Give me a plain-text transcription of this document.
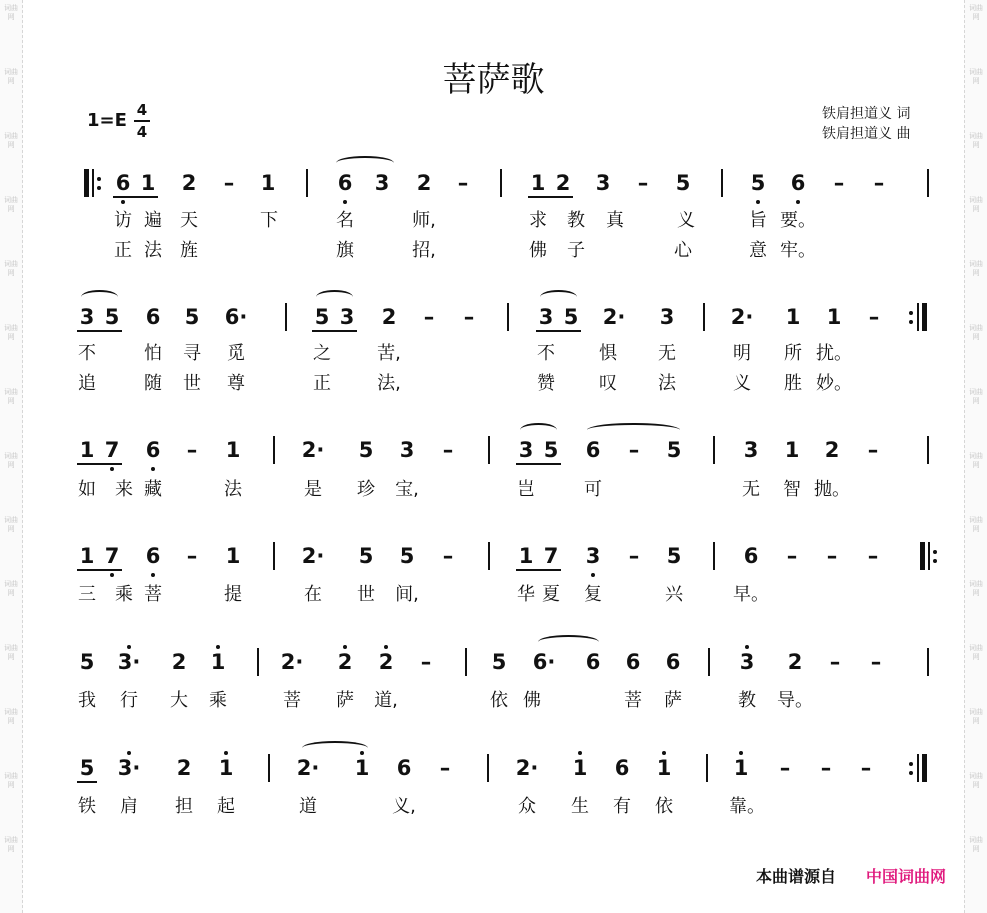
词曲网
词曲网
词曲网
词曲网
词曲网
词曲网
词曲网
词曲网
词曲网
词曲网
词曲网
词曲网
词曲网
词曲网
词曲网
词曲网
词曲网
词曲网
词曲网
词曲网
词曲网
词曲网
词曲网
词曲网
词曲网
词曲网
词曲网
词曲网
菩萨歌
1=E 4
4
铁肩担道义 词
铁肩担道义 曲
6 1 2 – 1	6 3 2 –	1 2 3 – 5	5 6 – –
访 遍 天	下	名	师,	求 教 真	义	旨 要。
正 法 旌	旗	招,	佛 子	心	意 牢。
3 5 6 5 6·	5 3 2 – –	3 5 2· 3	2· 1 1 –
不	怕 寻 觅	之	苦,	不 惧 无	明 所 扰。
追	随 世 尊	正	法,	赞 叹 法	义 胜 妙。
1 7 6 – 1	2· 5 3 –	3 5 6 – 5	3 1 2 –
如 来 藏	法	是 珍 宝,	岂	可	无 智 抛。
1 7 6 – 1	2· 5 5 –	1 7 3 – 5	6 – – –
三 乘 菩	提	在 世 间,	华 夏 复	兴	早。
5 3· 2 1	2· 2 2 –	5 6· 6 6 6	3 2 – –
我 行 大 乘	菩 萨 道,	依 佛	菩 萨	教 导。
5 3· 2 1	2· 1 6 –	2· 1 6 1	1 – – –
铁 肩 担 起	道	义,	众 生 有 依	靠。
本曲谱源自 中国词曲网
